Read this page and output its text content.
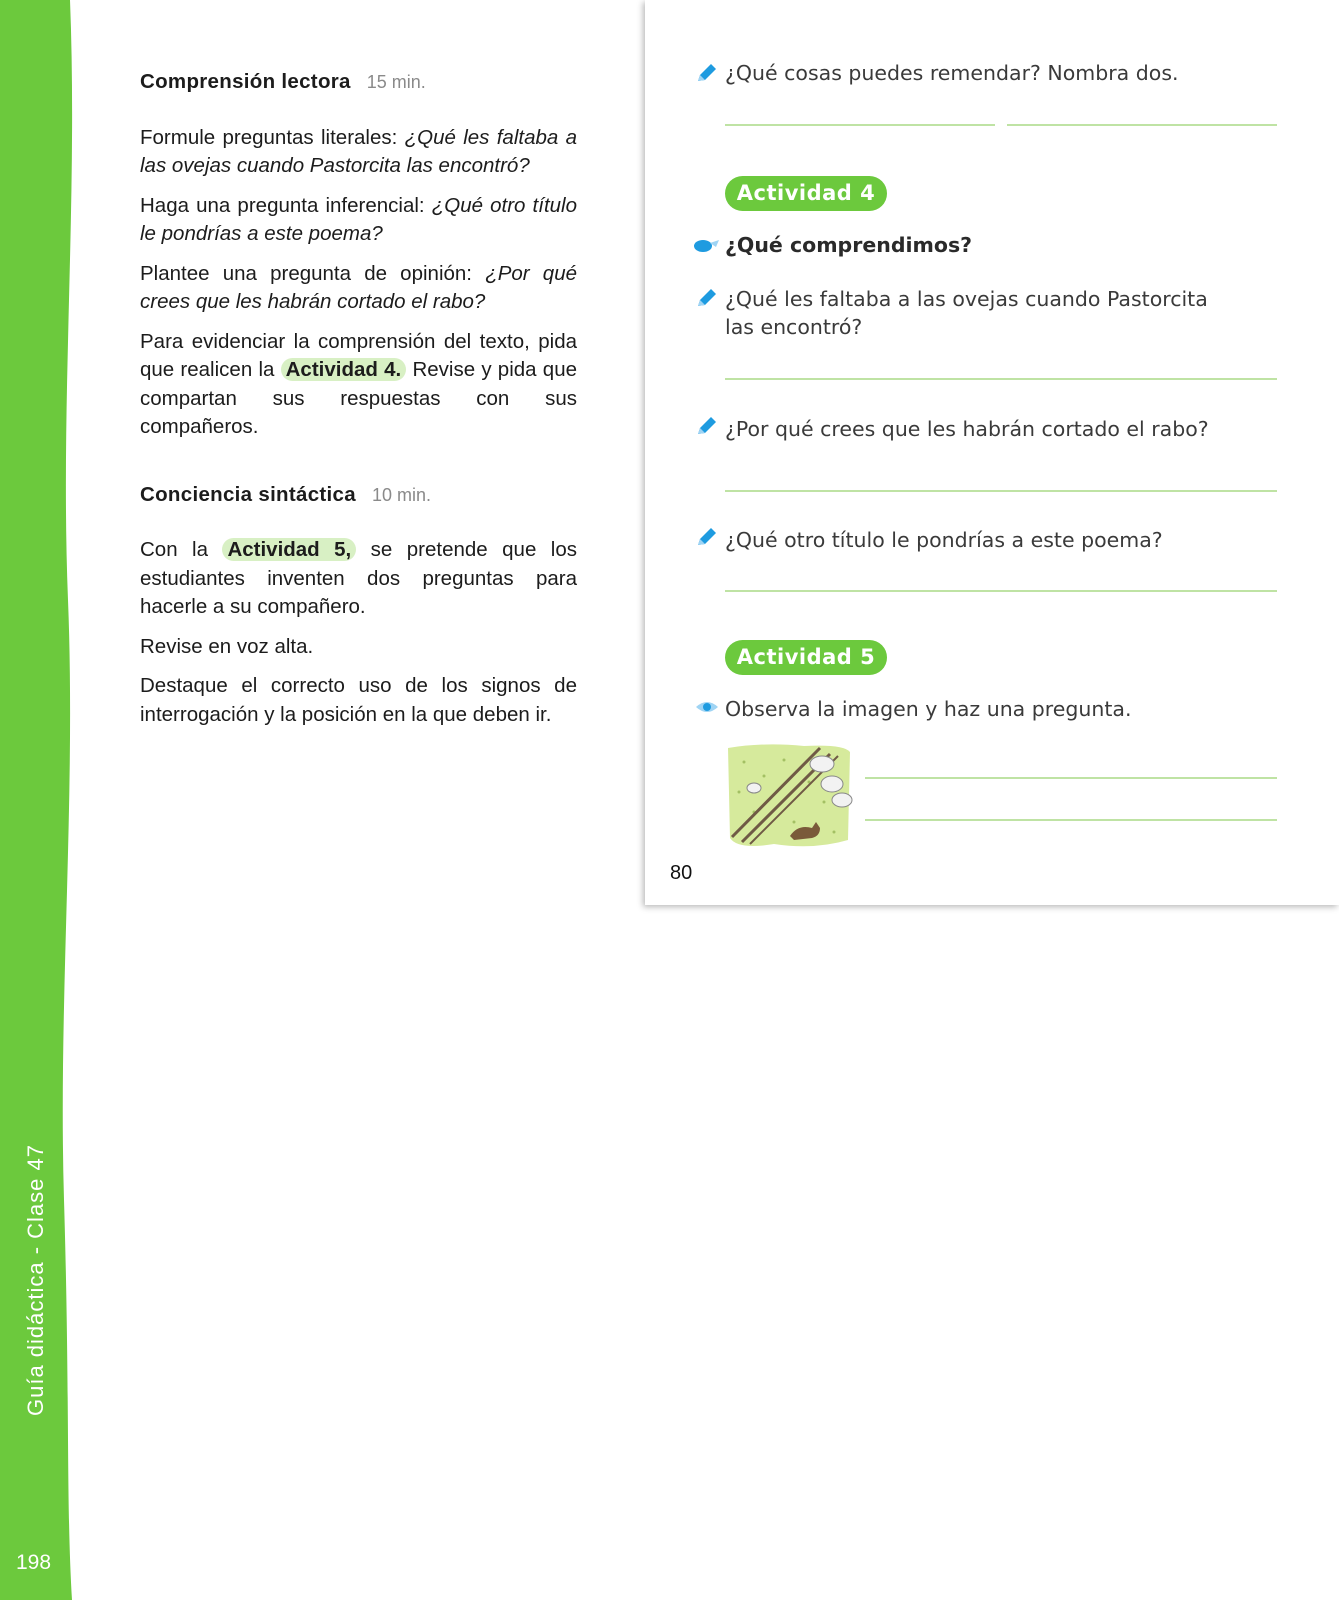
Guía didáctica - Clase 47
198
Comprensión lectora 15 min.

Formule preguntas literales: ¿Qué les faltaba a las ovejas cuando Pastorcita las encontró?

Haga una pregunta inferencial: ¿Qué otro título le pondrías a este poema?

Plantee una pregunta de opinión: ¿Por qué crees que les habrán cortado el rabo?

Para evidenciar la comprensión del texto, pida que realicen la Actividad 4. Revise y pida que compartan sus respuestas con sus compañeros.

Conciencia sintáctica 10 min.

Con la Actividad 5, se pretende que los estudiantes inventen dos preguntas para hacerle a su compañero.

Revise en voz alta.

Destaque el correcto uso de los signos de interrogación y la posición en la que deben ir.

¿Qué cosas puedes remendar? Nombra dos.
Actividad 4
¿Qué comprendimos?
¿Qué les faltaba a las ovejas cuando Pastorcita
las encontró?
¿Por qué crees que les habrán cortado el rabo?
¿Qué otro título le pondrías a este poema?
Actividad 5
Observa la imagen y haz una pregunta.
80
